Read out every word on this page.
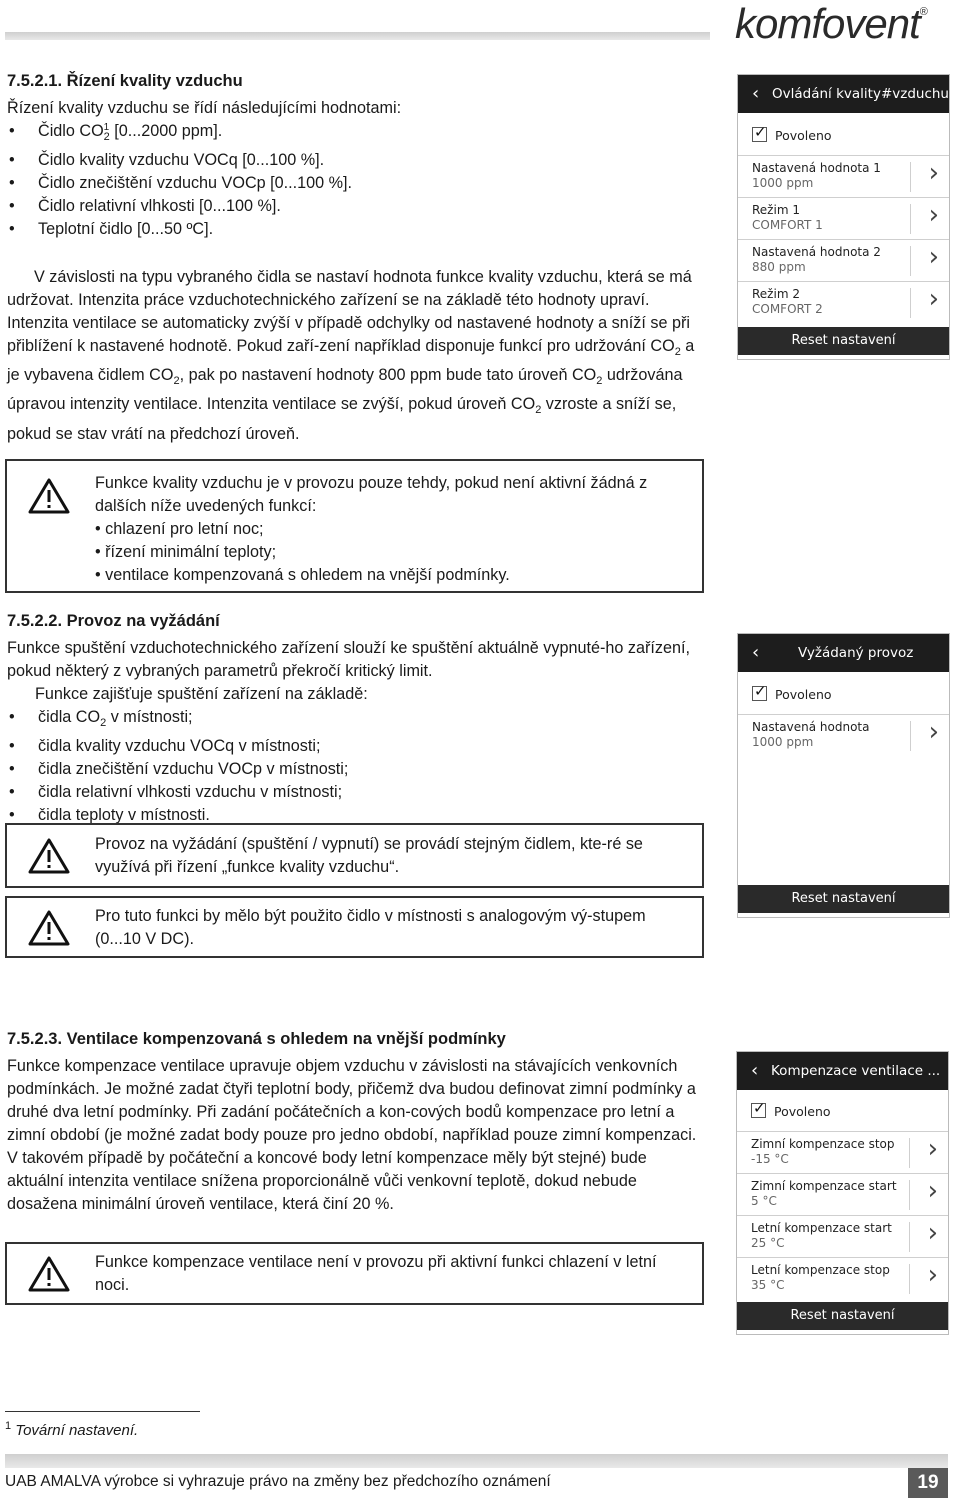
komfovent®
7.5.2.1. Řízení kvality vzduchu

Řízení kvality vzduchu se řídí následujícími hodnotami:

• Čidlo $CO_2$
1 [0...2000 ppm].
• Čidlo kvality vzduchu VOCq [0...100 %].
• Čidlo znečištění vzduchu VOCp [0...100 %].
• Čidlo relativní vlhkosti [0...100 %].
• Teplotní čidlo [0...50 ºC].
V závislosti na typu vybraného čidla se nastaví hodnota funkce kvality vzduchu, která se má udržovat. Intenzita práce vzduchotechnického zařízení se na základě této hodnoty upraví. Intenzita ventilace se automaticky zvýší v případě odchylky od nastavené hodnoty a sníží se při přiblížení k nastavené hodnotě. Pokud zaří-zení například disponuje funkcí pro udržování $CO_2$ a je vybavena čidlem $CO_2$, pak po nastavení hodnoty 800 ppm bude tato úroveň $CO_2$ udržována úpravou intenzity ventilace. Intenzita ventilace se zvýší, pokud úroveň $CO_2$ vzroste a sníží se, pokud se stav vrátí na předchozí úroveň.
Funkce kvality vzduchu je v provozu pouze tehdy, pokud není aktivní žádná z dalších níže uvedených funkcí:
• chlazení pro letní noc;
• řízení minimální teploty;
• ventilace kompenzovaná s ohledem na vnější podmínky.
‹ Ovládání kvality#vzduchu
✓Povoleno
Nastavená hodnota 1
1000 ppm	›
Režim 1
COMFORT 1	›
Nastavená hodnota 2
880 ppm	›
Režim 2
COMFORT 2	›
Reset nastavení
7.5.2.2. Provoz na vyžádání

Funkce spuštění vzduchotechnického zařízení slouží ke spuštění aktuálně vypnuté-ho zařízení, pokud některý z vybraných parametrů překročí kritický limit.

Funkce zajišťuje spuštění zařízení na základě:

• čidla $CO_2$ v místnosti;
• čidla kvality vzduchu VOCq v místnosti;
• čidla znečištění vzduchu VOCp v místnosti;
• čidla relativní vlhkosti vzduchu v místnosti;
• čidla teploty v místnosti.
Provoz na vyžádání (spuštění / vypnutí) se provádí stejným čidlem, kte-ré se využívá při řízení „funkce kvality vzduchu“.
Pro tuto funkci by mělo být použito čidlo v místnosti s analogovým vý-stupem (0...10 V DC).
‹	Vyžádaný provoz
✓Povoleno
Nastavená hodnota
1000 ppm	›
Reset nastavení
7.5.2.3. Ventilace kompenzovaná s ohledem na vnější podmínky
Funkce kompenzace ventilace upravuje objem vzduchu v závislosti na stávajících venkovních podmínkách. Je možné zadat čtyři teplotní body, přičemž dva budou definovat zimní podmínky a druhé dva letní podmínky. Při zadání počátečních a kon-cových bodů kompenzace pro letní a zimní období (je možné zadat body pouze pro jedno období, například pouze zimní kompenzaci. V takovém případě by počáteční a koncové body letní kompenzace měly být stejné) bude aktuální intenzita ventilace snížena proporcionálně vůči venkovní teplotě, dokud nebude dosažena minimální úroveň ventilace, která činí 20 %.
Funkce kompenzace ventilace není v provozu při aktivní funkci chlazení v letní noci.
‹ Kompenzace ventilace ...
✓Povoleno
Zimní kompenzace stop
-15 °C	›
Zimní kompenzace start
5 °C	›
Letní kompenzace start
25 °C	›
Letní kompenzace stop
35 °C	›
Reset nastavení
$^1$ Tovární nastavení.
UAB AMALVA výrobce si vyhrazuje právo na změny bez předchozího oznámení	19
